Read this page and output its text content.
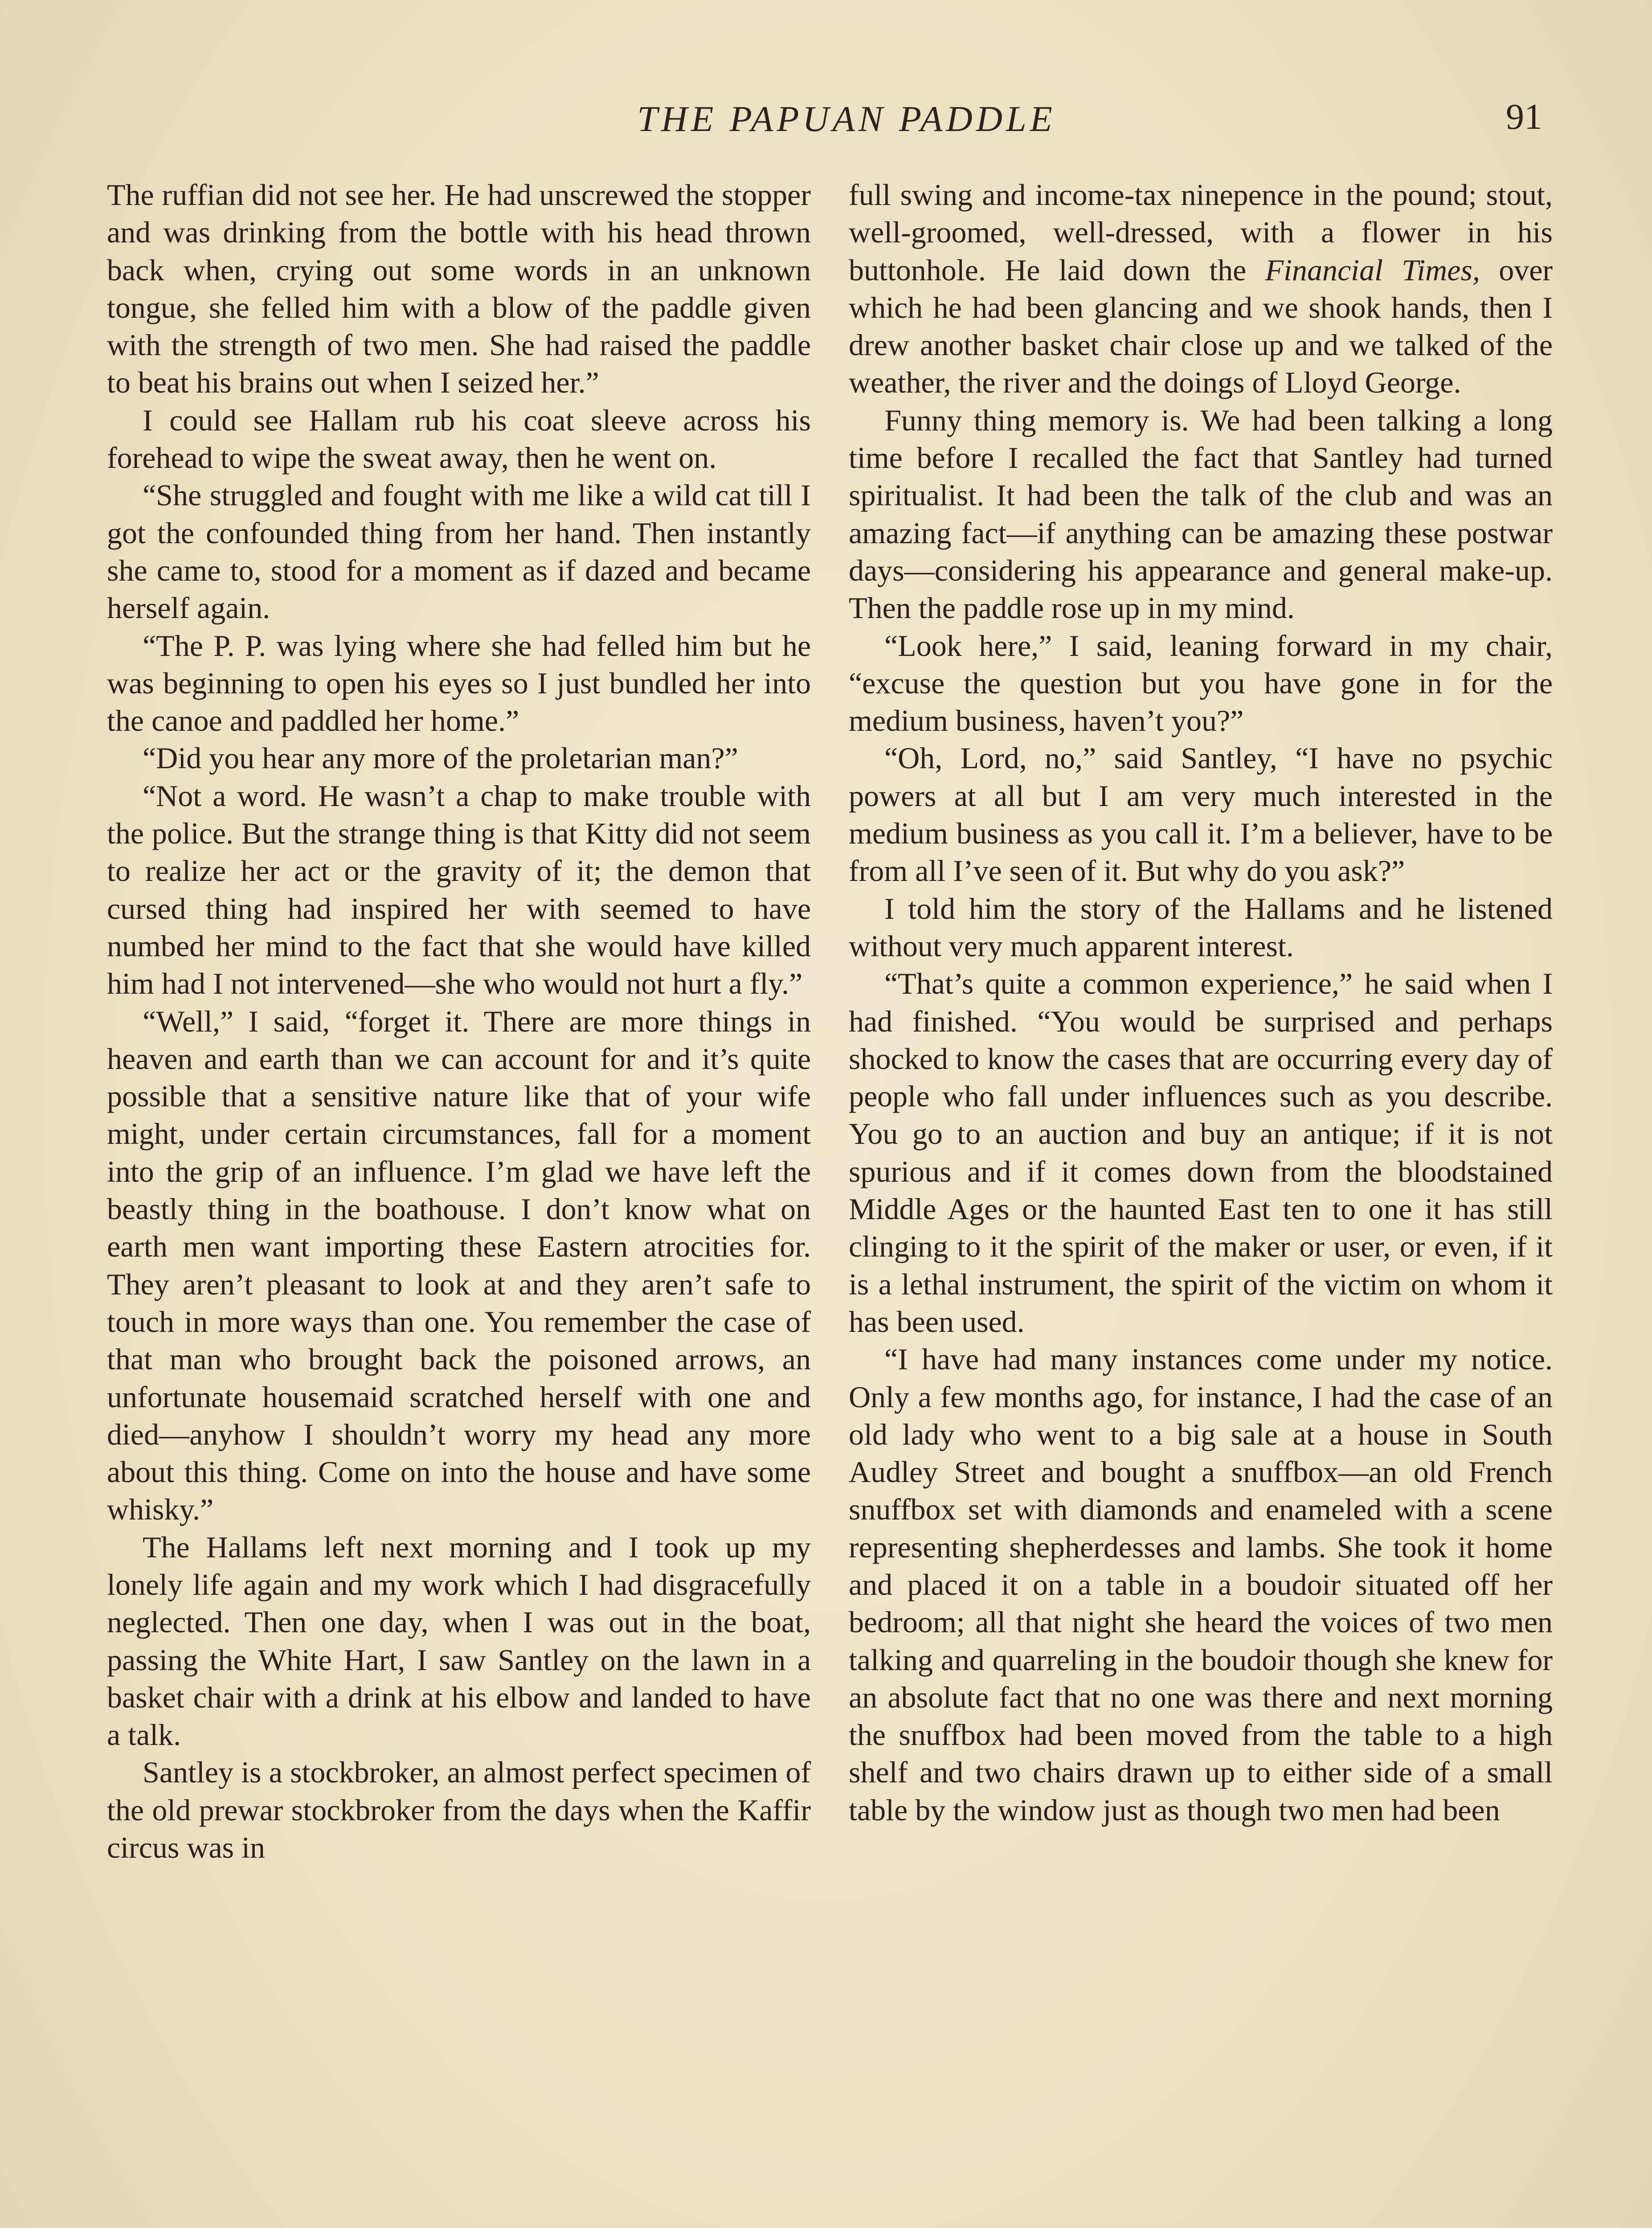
THE PAPUAN PADDLE	91

The ruffian did not see her. He had unscrewed the stopper and was drinking from the bottle with his head thrown back when, crying out some words in an unknown tongue, she felled him with a blow of the paddle given with the strength of two men. She had raised the paddle to beat his brains out when I seized her.”

I could see Hallam rub his coat sleeve across his forehead to wipe the sweat away, then he went on.

“She struggled and fought with me like a wild cat till I got the confounded thing from her hand. Then instantly she came to, stood for a moment as if dazed and became herself again.

“The P. P. was lying where she had felled him but he was beginning to open his eyes so I just bundled her into the canoe and paddled her home.”

“Did you hear any more of the proletarian man?”

“Not a word. He wasn’t a chap to make trouble with the police. But the strange thing is that Kitty did not seem to realize her act or the gravity of it; the demon that cursed thing had inspired her with seemed to have numbed her mind to the fact that she would have killed him had I not intervened—she who would not hurt a fly.”

“Well,” I said, “forget it. There are more things in heaven and earth than we can account for and it’s quite possible that a sensitive nature like that of your wife might, under certain circumstances, fall for a moment into the grip of an influence. I’m glad we have left the beastly thing in the boathouse. I don’t know what on earth men want importing these Eastern atrocities for. They aren’t pleasant to look at and they aren’t safe to touch in more ways than one. You remember the case of that man who brought back the poisoned arrows, an unfortunate housemaid scratched herself with one and died—anyhow I shouldn’t worry my head any more about this thing. Come on into the house and have some whisky.”

The Hallams left next morning and I took up my lonely life again and my work which I had disgracefully neglected. Then one day, when I was out in the boat, passing the White Hart, I saw Santley on the lawn in a basket chair with a drink at his elbow and landed to have a talk.

Santley is a stockbroker, an almost perfect specimen of the old prewar stockbroker from the days when the Kaffir circus was in

full swing and income-tax ninepence in the pound; stout, well-groomed, well-dressed, with a flower in his buttonhole. He laid down the Financial Times, over which he had been glancing and we shook hands, then I drew another basket chair close up and we talked of the weather, the river and the doings of Lloyd George.

Funny thing memory is. We had been talking a long time before I recalled the fact that Santley had turned spiritualist. It had been the talk of the club and was an amazing fact—if anything can be amazing these postwar days—considering his appearance and general make-up. Then the paddle rose up in my mind.

“Look here,” I said, leaning forward in my chair, “excuse the question but you have gone in for the medium business, haven’t you?”

“Oh, Lord, no,” said Santley, “I have no psychic powers at all but I am very much interested in the medium business as you call it. I’m a believer, have to be from all I’ve seen of it. But why do you ask?”

I told him the story of the Hallams and he listened without very much apparent interest.

“That’s quite a common experience,” he said when I had finished. “You would be surprised and perhaps shocked to know the cases that are occurring every day of people who fall under influences such as you describe. You go to an auction and buy an antique; if it is not spurious and if it comes down from the bloodstained Middle Ages or the haunted East ten to one it has still clinging to it the spirit of the maker or user, or even, if it is a lethal instrument, the spirit of the victim on whom it has been used.

“I have had many instances come under my notice. Only a few months ago, for instance, I had the case of an old lady who went to a big sale at a house in South Audley Street and bought a snuffbox—an old French snuffbox set with diamonds and enameled with a scene representing shepherdesses and lambs. She took it home and placed it on a table in a boudoir situated off her bedroom; all that night she heard the voices of two men talking and quarreling in the boudoir though she knew for an absolute fact that no one was there and next morning the snuffbox had been moved from the table to a high shelf and two chairs drawn up to either side of a small table by the window just as though two men had been
